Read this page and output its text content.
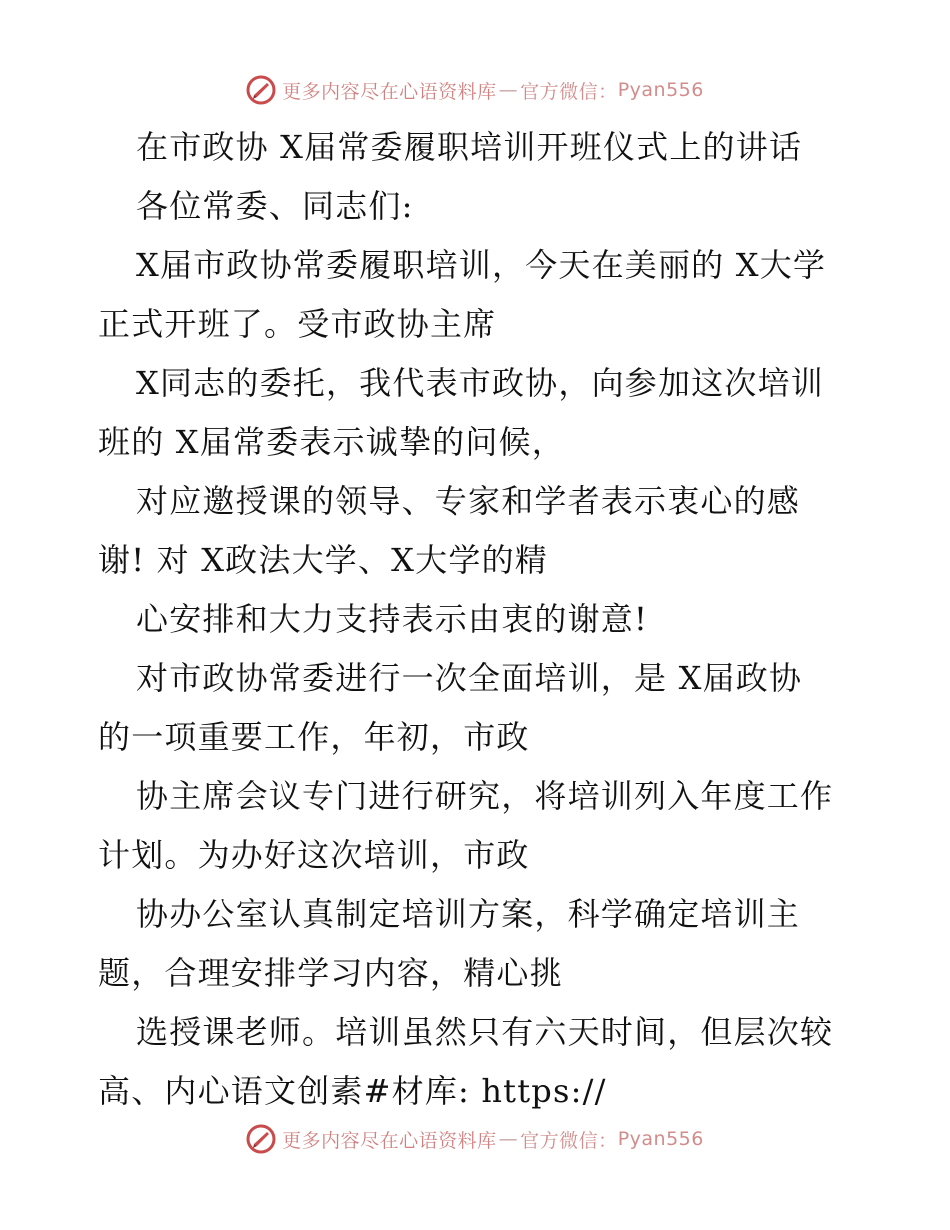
更多内容尽在心语资料库 — 官方微信： Pyan556
在市政协 X届常委履职培训开班仪式上的讲话
各位常委、同志们:
X届市政协常委履职培训，今天在美丽的 X大学
正式开班了。受市政协主席
X同志的委托，我代表市政协，向参加这次培训
班的 X届常委表示诚挚的问候，
对应邀授课的领导、专家和学者表示衷心的感
谢! 对 X政法大学、X大学的精
心安排和大力支持表示由衷的谢意!
对市政协常委进行一次全面培训，是 X届政协
的一项重要工作，年初，市政
协主席会议专门进行研究，将培训列入年度工作
计划。为办好这次培训，市政
协办公室认真制定培训方案，科学确定培训主
题，合理安排学习内容，精心挑
选授课老师。培训虽然只有六天时间，但层次较
高、内心语文创素#材库: https://
更多内容尽在心语资料库 — 官方微信： Pyan556
